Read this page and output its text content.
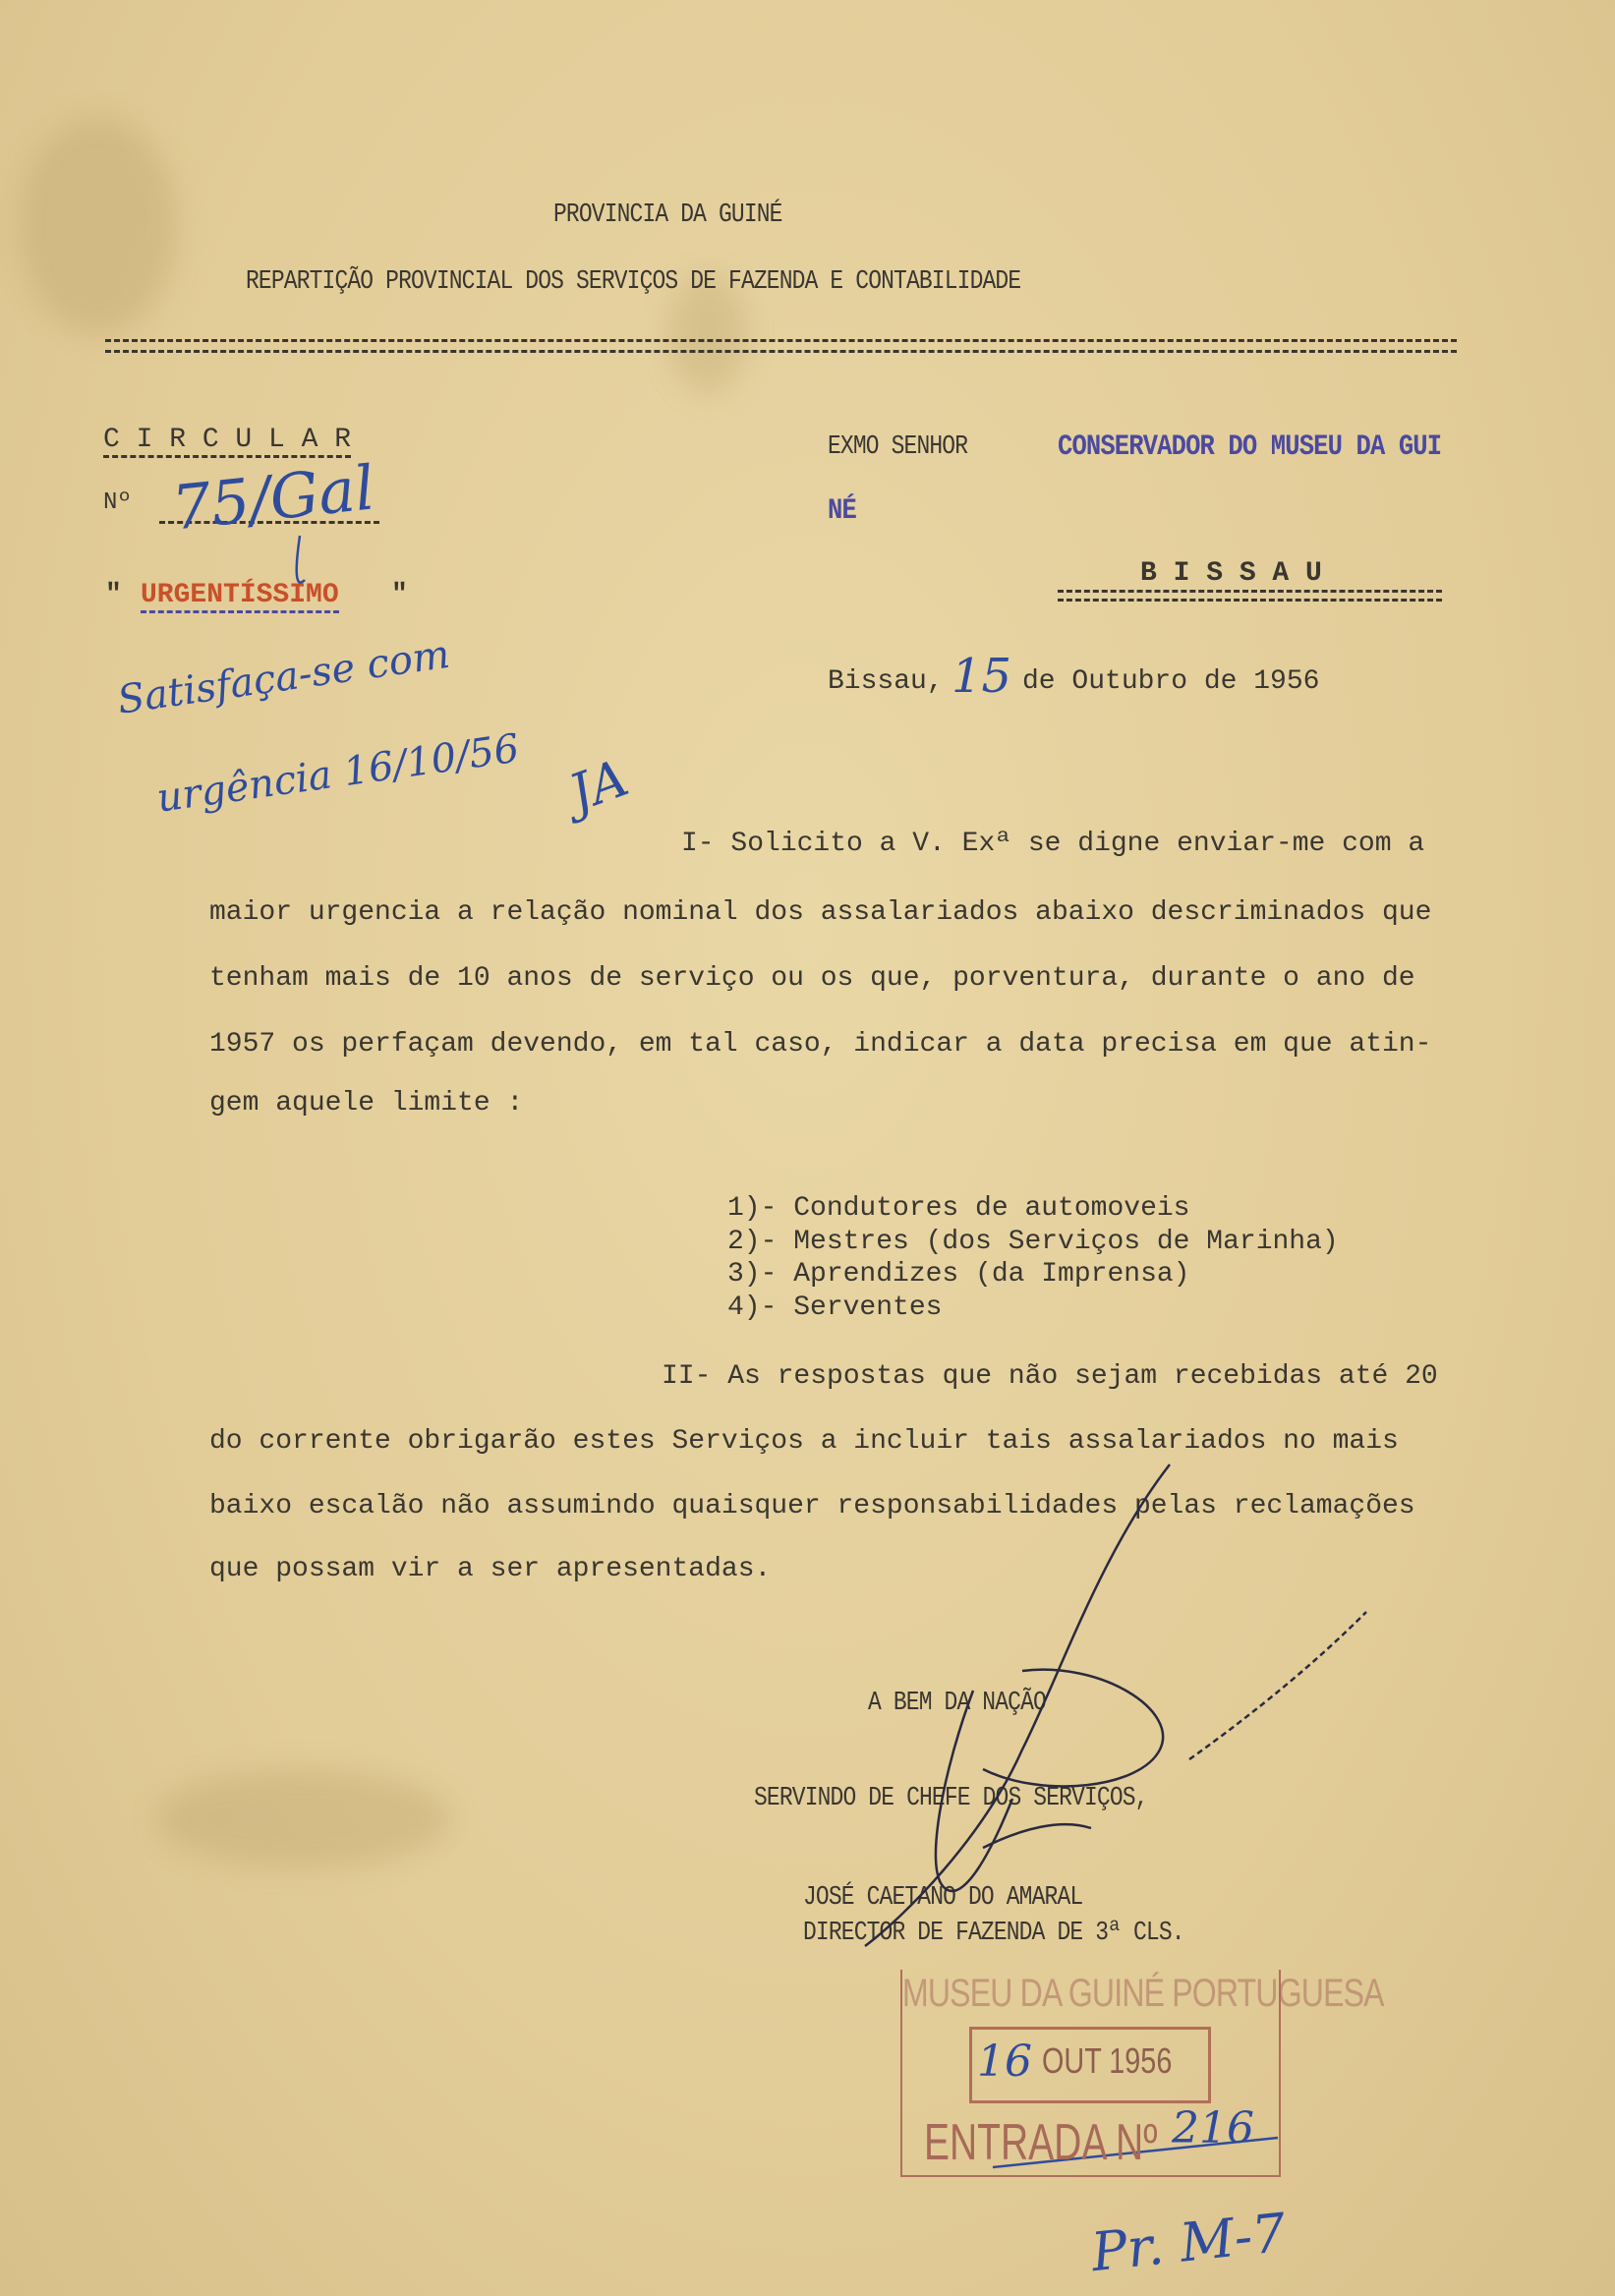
PROVINCIA DA GUINÉ
REPARTIÇÃO PROVINCIAL DOS SERVIÇOS DE FAZENDA E CONTABILIDADE
C I R C U L A R
Nº 75/Gal
" URGENTÍSSIMO "
Satisfaça-se com
urgência 16/10/56 JA
EXMO SENHOR	CONSERVADOR DO MUSEU DA GUI
NÉ
B I S S A U
Bissau, 15 de Outubro de 1956
I- Solicito a V. Exª se digne enviar-me com a
maior urgencia a relação nominal dos assalariados abaixo descriminados que
tenham mais de 10 anos de serviço ou os que, porventura, durante o ano de
1957 os perfaçam devendo, em tal caso, indicar a data precisa em que atin-
gem aquele limite :
1)- Condutores de automoveis
2)- Mestres (dos Serviços de Marinha)
3)- Aprendizes (da Imprensa)
4)- Serventes
II- As respostas que não sejam recebidas até 20
do corrente obrigarão estes Serviços a incluir tais assalariados no mais
baixo escalão não assumindo quaisquer responsabilidades pelas reclamações
que possam vir a ser apresentadas.
A BEM DA NAÇÃO
SERVINDO DE CHEFE DOS SERVIÇOS,
JOSÉ CAETANO DO AMARAL
DIRECTOR DE FAZENDA DE 3ª CLS.
MUSEU DA GUINÉ PORTUGUESA
16 OUT 1956
ENTRADA Nº 216
Pr. M-7
